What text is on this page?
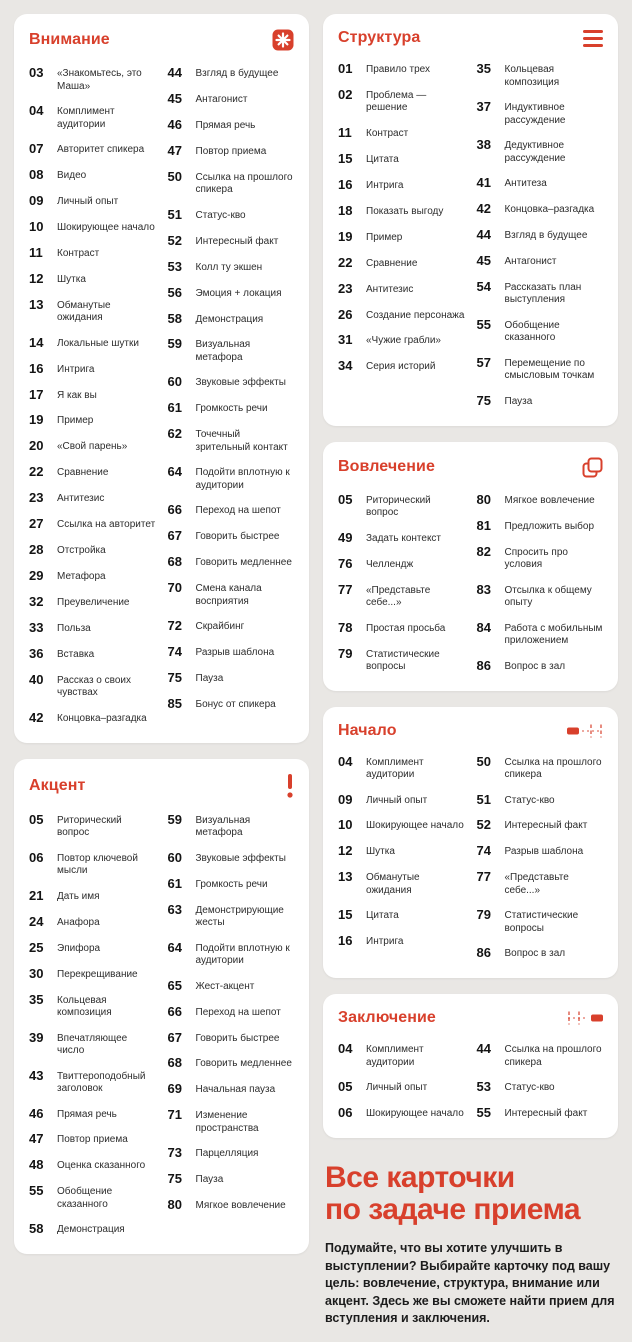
Внимание
03	«Знакомьтесь, это Маша»
04	Комплимент аудитории
07	Авторитет спикера
08	Видео
09	Личный опыт
10	Шокирующее начало
11	Контраст
12	Шутка
13	Обманутые ожидания
14	Локальные шутки
16	Интрига
17	Я как вы
19	Пример
20	«Свой парень»
22	Сравнение
23	Антитезис
27	Ссылка на авторитет
28	Отстройка
29	Метафора
32	Преувеличение
33	Польза
36	Вставка
40	Рассказ о своих чувствах
42	Концовка–разгадка
44	Взгляд в будущее
45	Антагонист
46	Прямая речь
47	Повтор приема
50	Ссылка на прошлого спикера
51	Статус-кво
52	Интересный факт
53	Колл ту экшен
56	Эмоция + локация
58	Демонстрация
59	Визуальная метафора
60	Звуковые эффекты
61	Громкость речи
62	Точечный зрительный контакт
64	Подойти вплотную к аудитории
66	Переход на шепот
67	Говорить быстрее
68	Говорить медленнее
70	Смена канала восприятия
72	Скрайбинг
74	Разрыв шаблона
75	Пауза
85	Бонус от спикера
Акцент
05	Риторический вопрос
06	Повтор ключевой мысли
21	Дать имя
24	Анафора
25	Эпифора
30	Перекрещивание
35	Кольцевая композиция
39	Впечатляющее число
43	Твиттероподобный заголовок
46	Прямая речь
47	Повтор приема
48	Оценка сказанного
55	Обобщение сказанного
58	Демонстрация
59	Визуальная метафора
60	Звуковые эффекты
61	Громкость речи
63	Демонстрирующие жесты
64	Подойти вплотную к аудитории
65	Жест-акцент
66	Переход на шепот
67	Говорить быстрее
68	Говорить медленнее
69	Начальная пауза
71	Изменение пространства
73	Парцелляция
75	Пауза
80	Мягкое вовлечение
Структура
01	Правило трех
02	Проблема — решение
11	Контраст
15	Цитата
16	Интрига
18	Показать выгоду
19	Пример
22	Сравнение
23	Антитезис
26	Создание персонажа
31	«Чужие грабли»
34	Серия историй
35	Кольцевая композиция
37	Индуктивное рассуждение
38	Дедуктивное рассуждение
41	Антитеза
42	Концовка–разгадка
44	Взгляд в будущее
45	Антагонист
54	Рассказать план выступления
55	Обобщение сказанного
57	Перемещение по смысловым точкам
75	Пауза
Вовлечение
05	Риторический вопрос
49	Задать контекст
76	Челлендж
77	«Представьте себе...»
78	Простая просьба
79	Статистические вопросы
80	Мягкое вовлечение
81	Предложить выбор
82	Спросить про условия
83	Отсылка к общему опыту
84	Работа с мобильным приложением
86	Вопрос в зал
Начало
04	Комплимент аудитории
09	Личный опыт
10	Шокирующее начало
12	Шутка
13	Обманутые ожидания
15	Цитата
16	Интрига
50	Ссылка на прошлого спикера
51	Статус-кво
52	Интересный факт
74	Разрыв шаблона
77	«Представьте себе...»
79	Статистические вопросы
86	Вопрос в зал
Заключение
04	Комплимент аудитории
05	Личный опыт
06	Шокирующее начало
44	Ссылка на прошлого спикера
53	Статус-кво
55	Интересный факт
Все карточки
по задаче приема

Подумайте, что вы хотите улучшить в выступлении? Выбирайте карточку под вашу цель: вовлечение, структура, внимание или акцент. Здесь же вы сможете найти прием для вступления и заключения.
